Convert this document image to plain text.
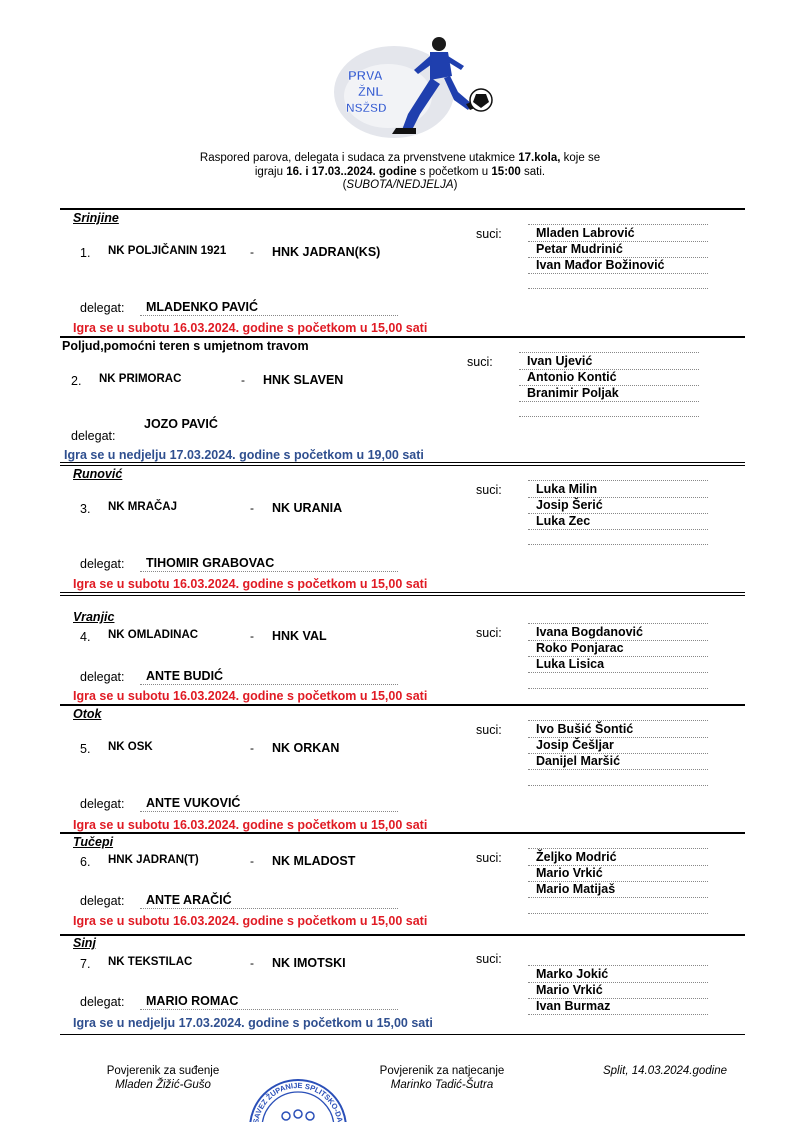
PRVA
ŽNL
NSŽSD
Raspored parova, delegata i sudaca za prvenstvene utakmice 17.kola, koje se
igraju 16. i 17.03..2024. godine s početkom u 15:00 sati.
(SUBOTA/NEDJELJA)
Srinjine
1. NK POLJIČANIN 1921 - HNK JADRAN(KS)
suci:	Mladen Labrović
Petar Mudrinić
Ivan Mađor Božinović
delegat:	MLADENKO PAVIĆ
Igra se u subotu 16.03.2024. godine s početkom u 15,00 sati
Poljud,pomoćni teren s umjetnom travom
2. NK PRIMORAC	- HNK SLAVEN
suci:	Ivan Ujević
Antonio Kontić
Branimir Poljak
JOZO PAVIĆ
delegat:
Igra se u nedjelju 17.03.2024. godine s početkom u 19,00 sati
Runović
3. NK MRAČAJ	- NK URANIA
suci:	Luka Milin
Josip Šerić
Luka Zec
delegat:	TIHOMIR GRABOVAC
Igra se u subotu 16.03.2024. godine s početkom u 15,00 sati
Vranjic
4. NK OMLADINAC	- HNK VAL	suci:	Ivana Bogdanović
Roko Ponjarac
Luka Lisica
delegat:	ANTE BUDIĆ
Igra se u subotu 16.03.2024. godine s početkom u 15,00 sati
Otok
5. NK OSK	- NK ORKAN
suci:	Ivo Bušić Šontić
Josip Češljar
Danijel Maršić
delegat:	ANTE VUKOVIĆ
Igra se u subotu 16.03.2024. godine s početkom u 15,00 sati
Tučepi
6. HNK JADRAN(T)	- NK MLADOST	suci:	Željko Modrić
Mario Vrkić
Mario Matijaš
delegat:	ANTE ARAČIĆ
Igra se u subotu 16.03.2024. godine s početkom u 15,00 sati
Sinj
7. NK TEKSTILAC	- NK IMOTSKI	suci:
Marko Jokić
Mario Vrkić
Ivan Burmaz
delegat:	MARIO ROMAC
Igra se u nedjelju 17.03.2024. godine s početkom u 15,00 sati
Povjerenik za suđenje
Mladen Žižić-Gušo
Povjerenik za natjecanje
Marinko Tadić-Šutra
Split, 14.03.2024.godine
SAVEZ ŽUPANIJE SPLITSKO-DA
